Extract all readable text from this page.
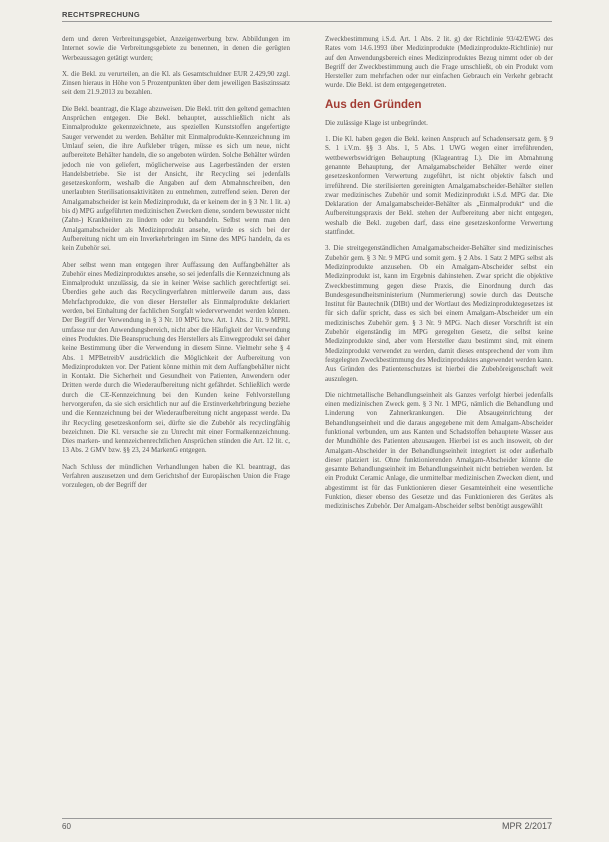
RECHTSPRECHUNG

dem und deren Verbreitungsgebiet, Anzeigenwerbung bzw. Abbildungen im Internet sowie die Verbreitungsgebiete zu benennen, in denen die gerügten Werbeaussagen getätigt wurden;

X. die Bekl. zu verurteilen, an die Kl. als Gesamtschuldner EUR 2.429,90 zzgl. Zinsen hieraus in Höhe von 5 Prozentpunkten über dem jeweiligen Basiszinssatz seit dem 21.9.2013 zu bezahlen.

Die Bekl. beantragt, die Klage abzuweisen. Die Bekl. tritt den geltend gemachten Ansprüchen entgegen. Die Bekl. behauptet, ausschließlich nicht als Einmalprodukte gekennzeichnete, aus speziellen Kunststoffen angefertigte Sauger verwendet zu werden. Behälter mit Einmalprodukte-Kennzeichnung im Umlauf seien, die ihre Aufkleber trügen, müsse es sich um neue, nicht aufbereitete Behälter handeln, die so angeboten würden. Solche Behälter würden jedoch nie von geliefert, möglicherweise aus Lagerbeständen der ersten Handelsbetriebe. Sie ist der Ansicht, ihr Recycling sei jedenfalls gesetzeskonform, weshalb die Angaben auf dem Abmahnschreiben, den unerlaubten Sterilisationsaktivitäten zu entnehmen, zutreffend seien. Deren der Amalgamabscheider ist kein Medizinprodukt, da er keinem der in § 3 Nr. 1 lit. a) bis d) MPG aufgeführten medizinischen Zwecken diene, sondern bewusster nicht (Zahn-) Krankheiten zu lindern oder zu behandeln. Selbst wenn man den Amalgamabscheider als Medizinprodukt ansehe, würde es sich bei der Aufbereitung nicht um ein Inverkehrbringen im Sinne des MPG handeln, da es kein Zubehör sei.

Aber selbst wenn man entgegen ihrer Auffassung den Auffangbehälter als Zubehör eines Medizinproduktes ansehe, so sei jedenfalls die Kennzeichnung als Einmalprodukt unzulässig, da sie in keiner Weise sachlich gerechtfertigt sei. Überdies gehe auch das Recyclingverfahren mittlerweile darum aus, dass Mehrfachprodukte, die von dieser Hersteller als Einmalprodukte deklariert werden, bei Einhaltung der fachlichen Sorgfalt wiederverwendet werden können. Der Begriff der Verwendung in § 3 Nr. 10 MPG bzw. Art. 1 Abs. 2 lit. 9 MPRL umfasse nur den Anwendungsbereich, nicht aber die Häufigkeit der Verwendung eines Produktes. Die Beanspruchung des Herstellers als Einwegprodukt sei daher keine Bestimmung über die Verwendung in diesem Sinne. Vielmehr sehe § 4 Abs. 1 MPBetreibV ausdrücklich die Möglichkeit der Aufbereitung von Medizinprodukten vor. Der Patient könne mithin mit dem Auffangbehälter nicht in Kontakt. Die Sicherheit und Gesundheit von Patienten, Anwendern oder Dritten werde durch die Wiederaufbereitung nicht gefährdet. Schließlich werde durch die CE-Kennzeichnung bei den Kunden keine Fehlvorstellung hervorgerufen, da sie sich ersichtlich nur auf die Erstinverkehrbringung beziehe und die Kennzeichnung bei der Wiederaufbereitung nicht angepasst werde. Da ihr Recycling gesetzeskonform sei, dürfte sie die Zubehör als recyclingfähig bezeichnen. Die Kl. versuche sie zu Unrecht mit einer Formalkennzeichnung. Dies marken- und kennzeichenrechtlichen Ansprüchen stünden die Art. 12 lit. c, 13 Abs. 2 GMV bzw. §§ 23, 24 MarkenG entgegen.

Nach Schluss der mündlichen Verhandlungen haben die Kl. beantragt, das Verfahren auszusetzen und dem Gerichtshof der Europäischen Union die Frage vorzulegen, ob der Begriff der

Zweckbestimmung i.S.d. Art. 1 Abs. 2 lit. g) der Richtlinie 93/42/EWG des Rates vom 14.6.1993 über Medizinprodukte (Medizinprodukte-Richtlinie) nur auf den Anwendungsbereich eines Medizinproduktes Bezug nimmt oder ob der Begriff der Zweckbestimmung auch die Frage umschließt, ob ein Produkt vom Hersteller zum mehrfachen oder nur einfachen Gebrauch ein Verkehr gebracht wurde. Die Bekl. ist dem entgegengetreten.

Aus den Gründen

Die zulässige Klage ist unbegründet.

1. Die Kl. haben gegen die Bekl. keinen Anspruch auf Schadensersatz gem. § 9 S. 1 i.V.m. §§ 3 Abs. 1, 5 Abs. 1 UWG wegen einer irreführenden, wettbewerbswidrigen Behauptung (Klageantrag I.). Die im Abmahnung genannte Behauptung, der Amalgamabscheider Behälter werde einer gesetzeskonformen Verwertung zugeführt, ist nicht objektiv falsch und irreführend. Die sterilisierten gereinigten Amalgamabscheider-Behälter stellen zwar medizinisches Zubehör und somit Medizinprodukt i.S.d. MPG dar. Die Deklaration der Amalgamabscheider-Behälter als „Einmalprodukt“ und die Aufbereitungspraxis der Bekl. stehen der Aufbereitung aber nicht entgegen, weshalb die Bekl. zugeben darf, dass eine gesetzeskonforme Verwertung stattfindet.

3. Die streitgegenständlichen Amalgamabscheider-Behälter sind medizinisches Zubehör gem. § 3 Nr. 9 MPG und somit gem. § 2 Abs. 1 Satz 2 MPG selbst als Medizinprodukte anzusehen. Ob ein Amalgam-Abscheider selbst ein Medizinprodukt ist, kann im Ergebnis dahinstehen. Zwar spricht die objektive Zweckbestimmung gegen diese Praxis, die Einordnung durch das Bundesgesundheitsministerium (Nummerierung) sowie durch das Deutsche Institut für Bautechnik (DIBt) und der Wortlaut des Medizinproduktegesetzes ist für sich dafür spricht, dass es sich bei einem Amalgam-Abscheider um ein medizinisches Zubehör gem. § 3 Nr. 9 MPG. Nach dieser Vorschrift ist ein Zubehör eigenständig im MPG geregelten Gesetz, die selbst keine Medizinprodukte sind, aber vom Hersteller dazu bestimmt sind, mit einem Medizinprodukt verwendet zu werden, damit dieses entsprechend der vom ihm festgelegten Zweckbestimmung des Medizinproduktes angewendet werden kann. Aus Gründen des Patientenschutzes ist hierbei die Zubehöreigenschaft weit auszulegen.

Die nichtmetallische Behandlungseinheit als Ganzes verfolgt hierbei jedenfalls einen medizinischen Zweck gem. § 3 Nr. 1 MPG, nämlich die Behandlung und Linderung von Zahnerkrankungen. Die Absaugeinrichtung der Behandlungseinheit und die daraus angegebene mit dem Amalgam-Abscheider funktional verbunden, um aus Kanten und Schadstoffen behauptete Wasser aus der Mundhöhle des Patienten abzusaugen. Hierbei ist es auch insoweit, ob der Amalgam-Abscheider in der Behandlungseinheit integriert ist oder außerhalb dieser platziert ist. Ohne funktionierenden Amalgam-Abscheider könnte die gesamte Behandlungseinheit im Behandlungseinheit nicht betrieben werden. Ist ein Produkt Ceramic Anlage, die unmittelbar medizinischen Zwecken dient, und abgestimmt ist für das Funktionieren dieser Gesamteinheit eine wesentliche Funktion, dieser ebenso des Gesetze und das Funktionieren des Gerätes als medizinisches Zubehör. Der Amalgam-Abscheider selbst benötigt ausgewählt

60	MPR 2/2017
